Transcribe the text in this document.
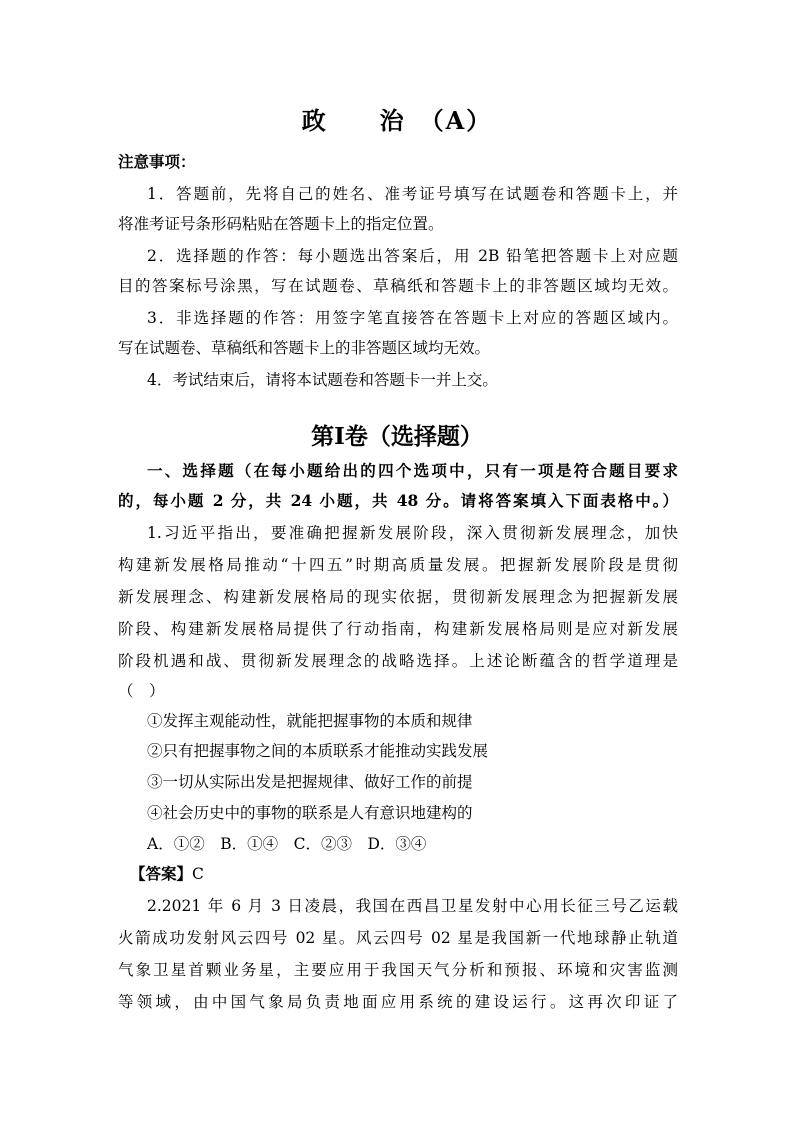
政　　治　（A）
注意事项：
1．答题前，先将自己的姓名、准考证号填写在试题卷和答题卡上，并
将准考证号条形码粘贴在答题卡上的指定位置。
2．选择题的作答：每小题选出答案后，用 2B 铅笔把答题卡上对应题
目的答案标号涂黑，写在试题卷、草稿纸和答题卡上的非答题区域均无效。
3．非选择题的作答：用签字笔直接答在答题卡上对应的答题区域内。
写在试题卷、草稿纸和答题卡上的非答题区域均无效。
4．考试结束后，请将本试题卷和答题卡一并上交。
第Ⅰ卷（选择题）
一、选择题（在每小题给出的四个选项中，只有一项是符合题目要求
的，每小题 2 分，共 24 小题，共 48 分。请将答案填入下面表格中。）
1.习近平指出，要准确把握新发展阶段，深入贯彻新发展理念，加快
构建新发展格局推动“十四五”时期高质量发展。把握新发展阶段是贯彻
新发展理念、构建新发展格局的现实依据，贯彻新发展理念为把握新发展
阶段、构建新发展格局提供了行动指南，构建新发展格局则是应对新发展
阶段机遇和战、贯彻新发展理念的战略选择。上述论断蕴含的哲学道理是
（　）
①发挥主观能动性，就能把握事物的本质和规律
②只有把握事物之间的本质联系才能推动实践发展
③一切从实际出发是把握规律、做好工作的前提
④社会历史中的事物的联系是人有意识地建构的
A．①②　B．①④　C．②③　D．③④
【答案】C
2.2021 年 6 月 3 日凌晨，我国在西昌卫星发射中心用长征三号乙运载
火箭成功发射风云四号 02 星。风云四号 02 星是我国新一代地球静止轨道
气象卫星首颗业务星，主要应用于我国天气分析和预报、环境和灾害监测
等领域，由中国气象局负责地面应用系统的建设运行。这再次印证了
